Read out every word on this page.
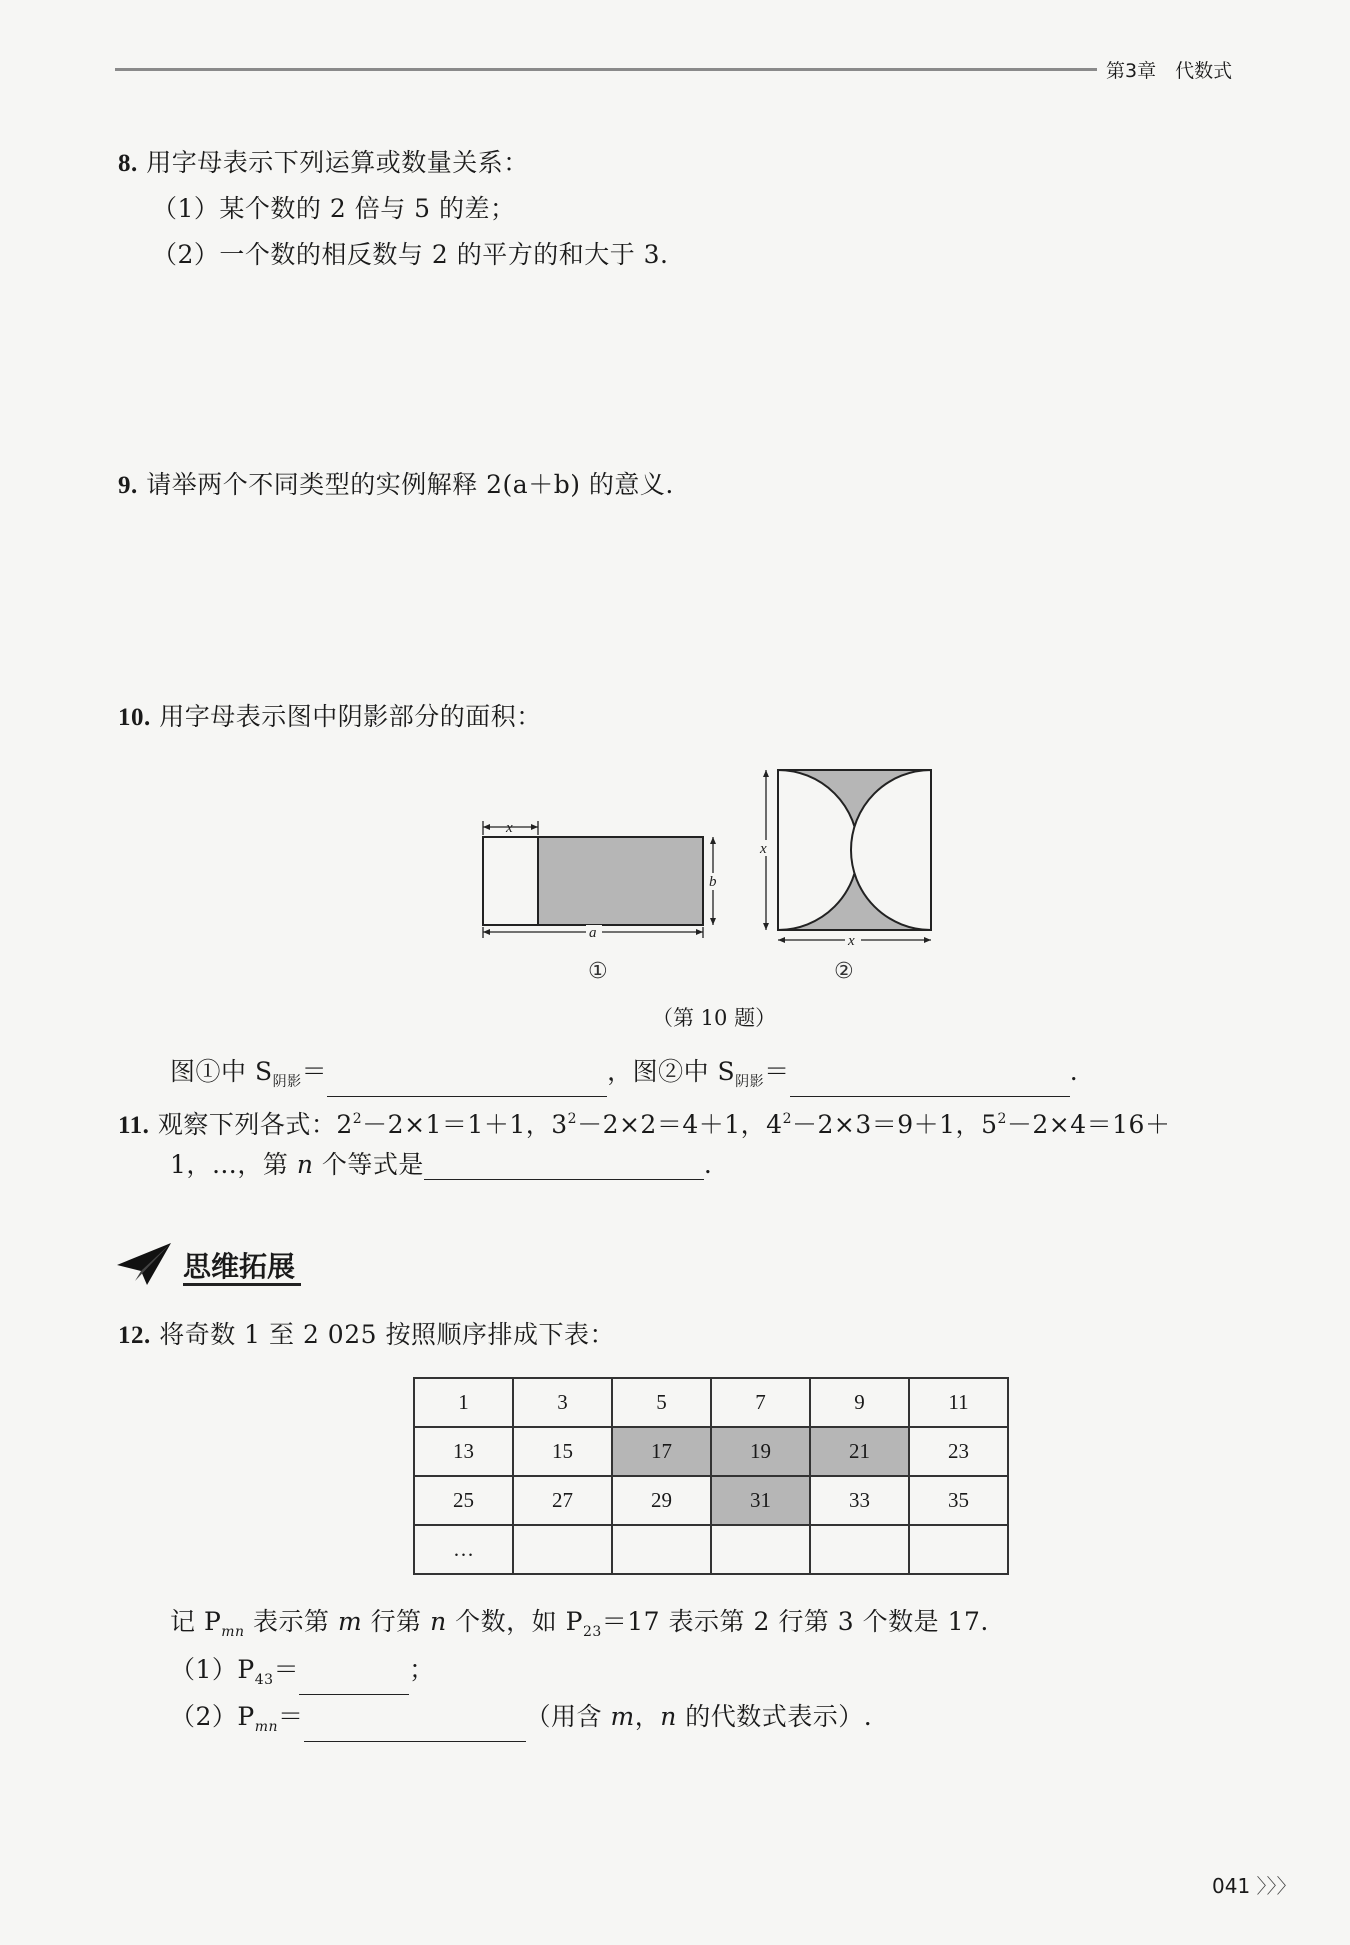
第3章　代数式
8. 用字母表示下列运算或数量关系：
（1）某个数的 2 倍与 5 的差；
（2）一个数的相反数与 2 的平方的和大于 3.
9. 请举两个不同类型的实例解释 2(a＋b) 的意义.
10. 用字母表示图中阴影部分的面积：
x
a
b
①
x
x
②
（第 10 题）
图①中 $S_{阴影}=$	，图②中 $S_{阴影}=$	.
11. 观察下列各式：$2^2-2\times 1=1+1$，$3^2-2\times 2=4+1$，$4^2-2\times 3=9+1$，$5^2-2\times 4=16+$
1，…，第 n 个等式是	.
思维拓展
12. 将奇数 1 至 2 025 按照顺序排成下表：
1	3	5	7	9	11
13	15	17	19	21	23
25	27	29	31	33	35
…					
记 $P_{mn}$ 表示第 m 行第 n 个数，如 $P_{23}=17$ 表示第 2 行第 3 个数是 17.
$(1)P_{43}=$	；
$(2)P_{mn}=$	（用含 m，n 的代数式表示）.
041 〉〉〉
